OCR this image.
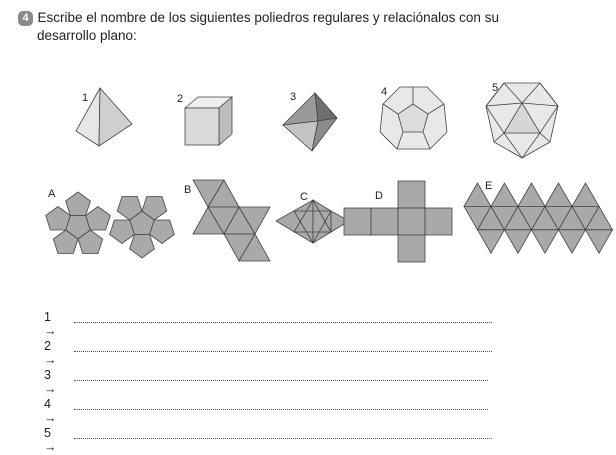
4 Escribe el nombre de los siguientes poliedros regulares y relaciónalos con su
desarrollo plano:
1	2	3	4	5
A	B
C	D
E
1 →
2 →
3 →
4 →
5 →
